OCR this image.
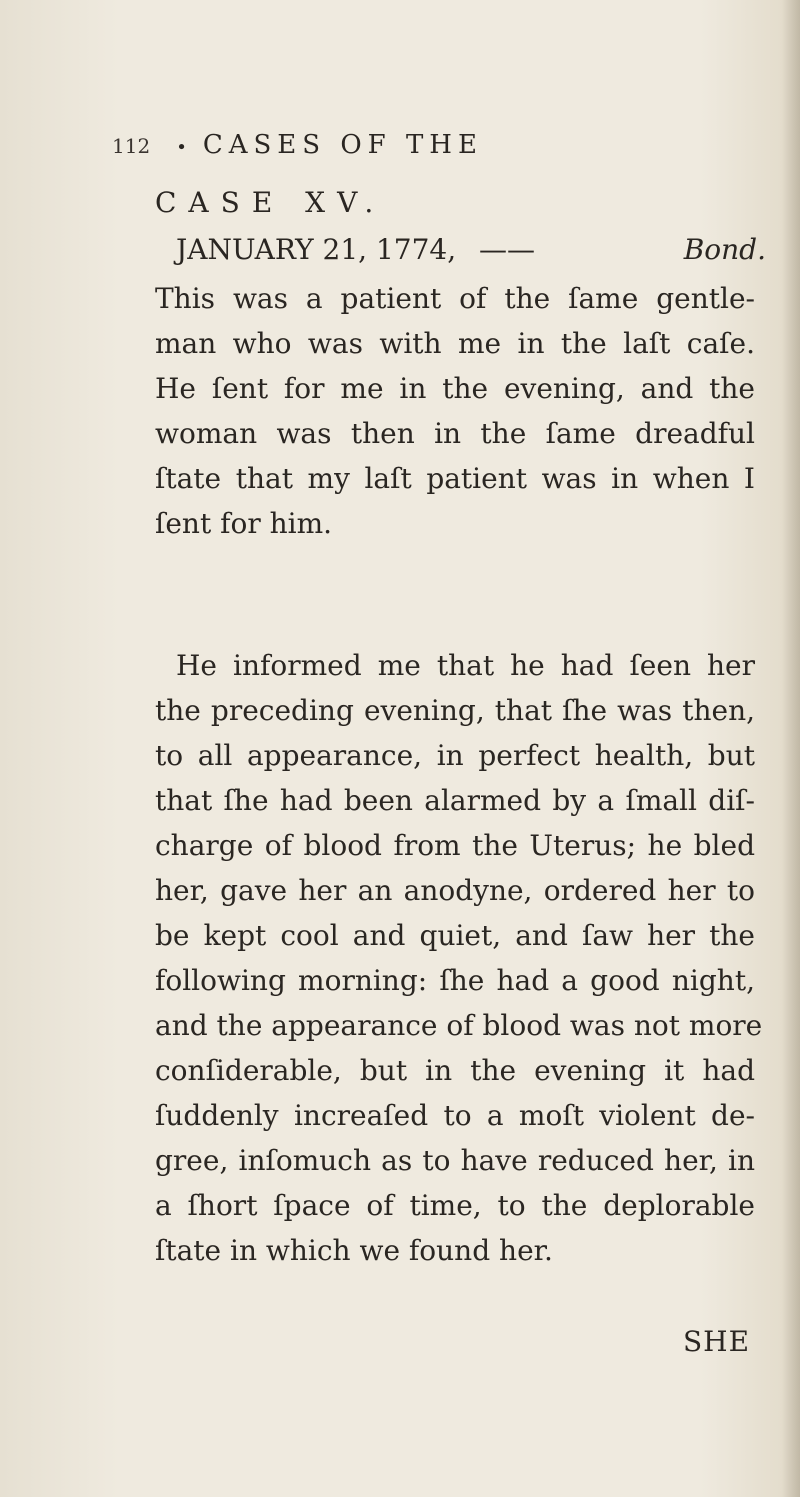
112 • CASES OF THE
CASE XV.
JANUARY 21, 1774, ——	Bond.
This was a patient of the ſame gentle-
man who was with me in the laſt caſe.
He ſent for me in the evening, and the
woman was then in the ſame dreadful
ſtate that my laſt patient was in when I
ſent for him.
He informed me that he had ſeen her
the preceding evening, that ſhe was then,
to all appearance, in perfect health, but
that ſhe had been alarmed by a ſmall diſ-
charge of blood from the Uterus; he bled
her, gave her an anodyne, ordered her to
be kept cool and quiet, and ſaw her the
following morning: ſhe had a good night,
and the appearance of blood was not more
conſiderable, but in the evening it had
ſuddenly increaſed to a moſt violent de-
gree, inſomuch as to have reduced her, in
a ſhort ſpace of time, to the deplorable
ſtate in which we found her.
SHE
